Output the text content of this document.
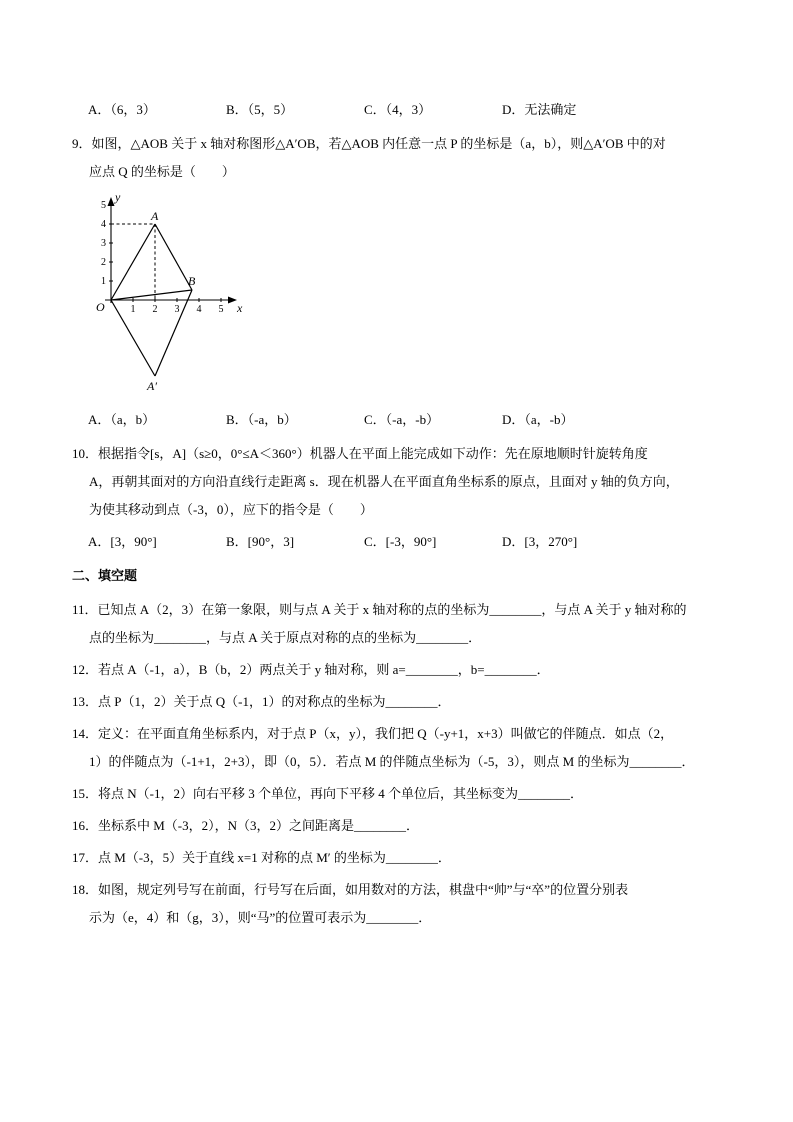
A．（6，3）	B．（5，5）	C．（4，3）	D．无法确定
9．如图，△AOB 关于 x 轴对称图形△A′OB，若△AOB 内任意一点 P 的坐标是（a，b），则△A′OB 中的对
应点 Q 的坐标是（　　）
1 2 3 4 5
1
2
3
4
5
y
x
O
A
B
A′
A．（a，b）	B．（-a，b）	C．（-a，-b）	D．（a，-b）
10．根据指令[s，A]（s≥0，0°≤A＜360°）机器人在平面上能完成如下动作：先在原地顺时针旋转角度
A，再朝其面对的方向沿直线行走距离 s．现在机器人在平面直角坐标系的原点，且面对 y 轴的负方向，
为使其移动到点（-3，0），应下的指令是（　　）
A．[3，90°]	B．[90°，3]	C．[-3，90°]	D．[3，270°]
二、填空题
11．已知点 A（2，3）在第一象限，则与点 A 关于 x 轴对称的点的坐标为________，与点 A 关于 y 轴对称的
点的坐标为________，与点 A 关于原点对称的点的坐标为________．
12．若点 A（-1，a），B（b，2）两点关于 y 轴对称，则 a=________，b=________．
13．点 P（1，2）关于点 Q（-1，1）的对称点的坐标为________．
14．定义：在平面直角坐标系内，对于点 P（x，y），我们把 Q（-y+1，x+3）叫做它的伴随点．如点（2，
1）的伴随点为（-1+1，2+3），即（0，5）．若点 M 的伴随点坐标为（-5，3），则点 M 的坐标为________．
15．将点 N（-1，2）向右平移 3 个单位，再向下平移 4 个单位后，其坐标变为________．
16．坐标系中 M（-3，2），N（3，2）之间距离是________．
17．点 M（-3，5）关于直线 x=1 对称的点 M′ 的坐标为________．
18．如图，规定列号写在前面，行号写在后面，如用数对的方法，棋盘中“帅”与“卒”的位置分别表
示为（e，4）和（g，3），则“马”的位置可表示为________．
